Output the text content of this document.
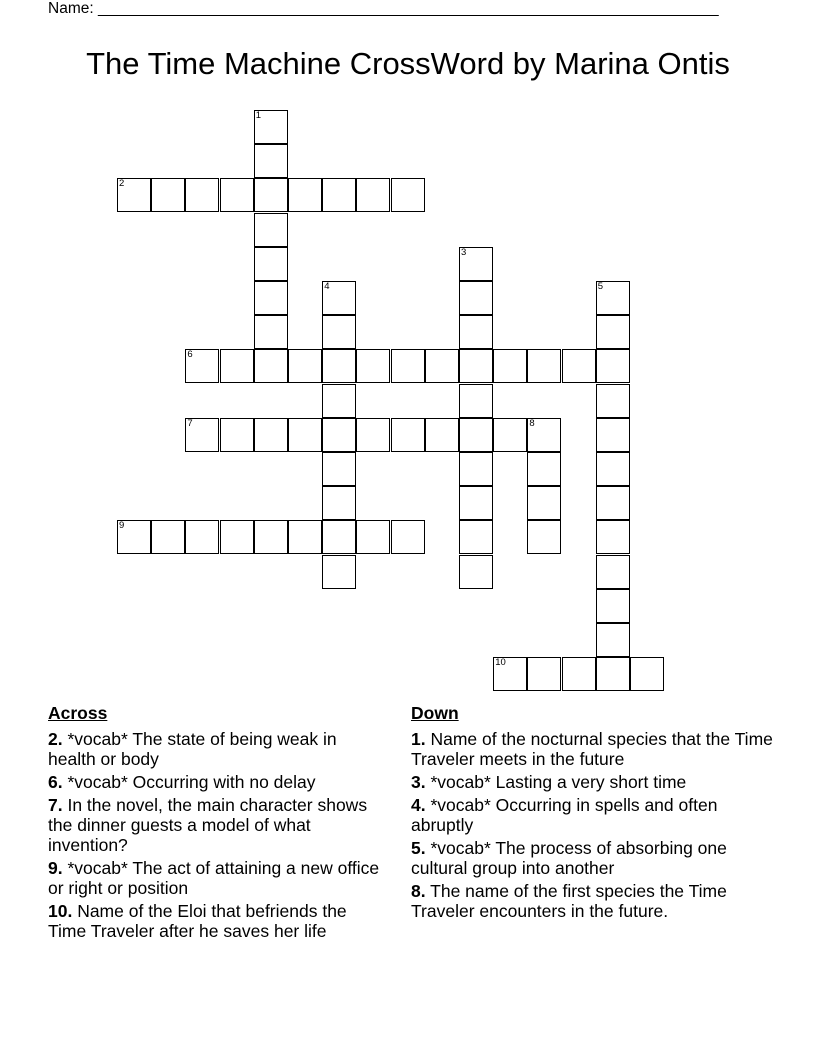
Name: ________________________________________________________________________
The Time Machine CrossWord by Marina Ontis
1
2
3
4	5
6
7	8
9
10
Across
2. *vocab* The state of being weak in health or body
6. *vocab* Occurring with no delay
7. In the novel, the main character shows the dinner guests a model of what invention?
9. *vocab* The act of attaining a new office or right or position
10. Name of the Eloi that befriends the Time Traveler after he saves her life
Down
1. Name of the nocturnal species that the Time Traveler meets in the future
3. *vocab* Lasting a very short time
4. *vocab* Occurring in spells and often abruptly
5. *vocab* The process of absorbing one cultural group into another
8. The name of the first species the Time Traveler encounters in the future.
